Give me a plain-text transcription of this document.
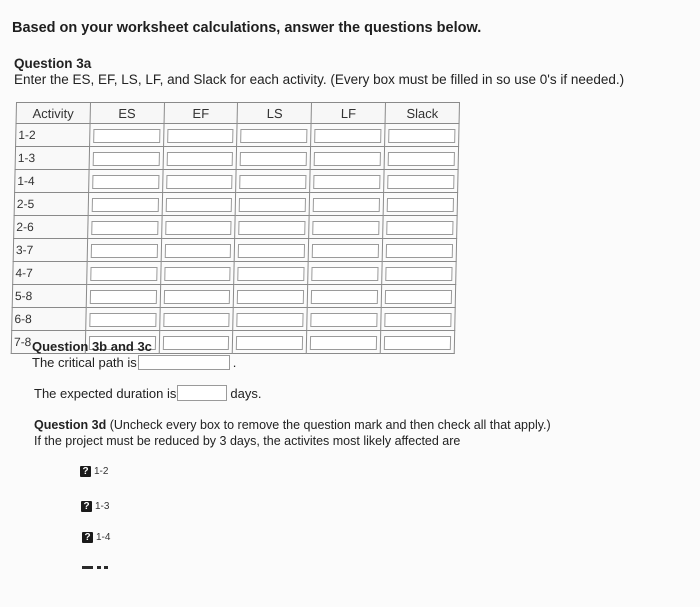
Based on your worksheet calculations, answer the questions below.
Question 3a
Enter the ES, EF, LS, LF, and Slack for each activity. (Every box must be filled in so use 0's if needed.)
Activity	ES	EF	LS	LF	Slack
1-2					
1-3					
1-4					
2-5					
2-6					
3-7					
4-7					
5-8					
6-8					
7-8					Question 3b and 3c
The critical path is	.
The expected duration is	days.
Question 3d (Uncheck every box to remove the question mark and then check all that apply.)
If the project must be reduced by 3 days, the activites most likely affected are
? 1-2
? 1-3
? 1-4
